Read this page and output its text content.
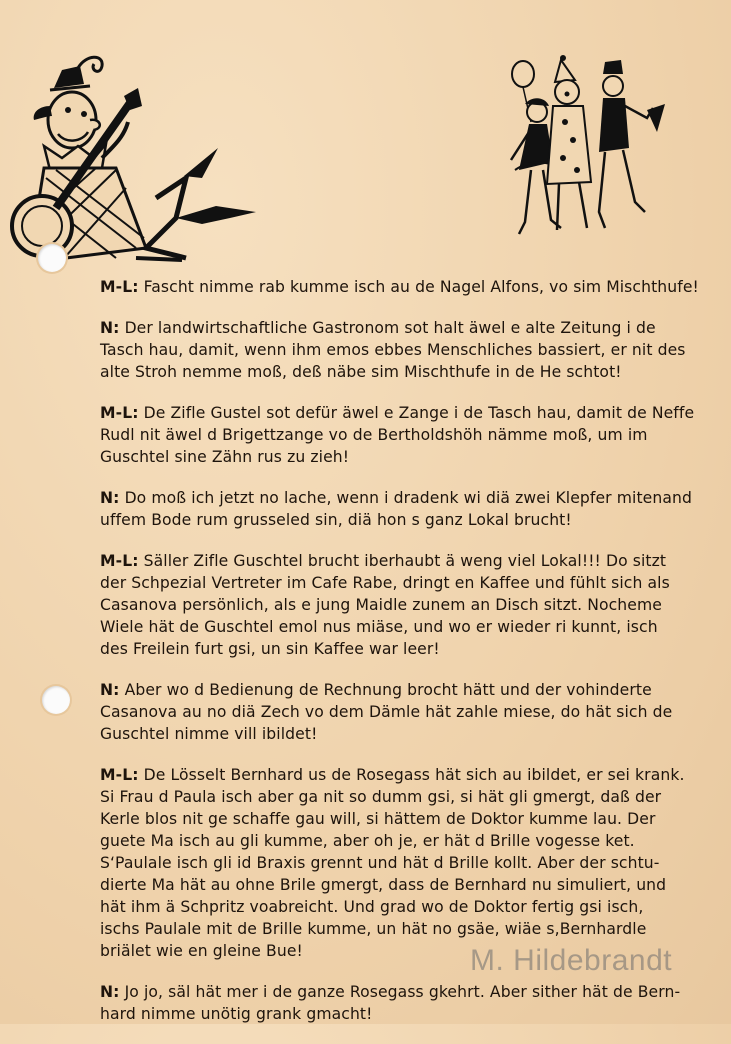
M-L: Fascht nimme rab kumme isch au de Nagel Alfons, vo sim Mischthufe!

N: Der landwirtschaftliche Gastronom sot halt äwel e alte Zeitung i de
Tasch hau, damit, wenn ihm emos ebbes Menschliches bassiert, er nit des
alte Stroh nemme moß, deß näbe sim Mischthufe in de He schtot!

M-L: De Zifle Gustel sot defür äwel e Zange i de Tasch hau, damit de Neffe
Rudl nit äwel d Brigettzange vo de Bertholdshöh nämme moß, um im
Guschtel sine Zähn rus zu zieh!

N: Do moß ich jetzt no lache, wenn i dradenk wi diä zwei Klepfer mitenand
uffem Bode rum grusseled sin, diä hon s ganz Lokal brucht!

M-L: Säller Zifle Guschtel brucht iberhaubt ä weng viel Lokal!!! Do sitzt
der Schpezial Vertreter im Cafe Rabe, dringt en Kaffee und fühlt sich als
Casanova persönlich, als e jung Maidle zunem an Disch sitzt. Nocheme
Wiele hät de Guschtel emol nus miäse, und wo er wieder ri kunnt, isch
des Freilein furt gsi, un sin Kaffee war leer!

N: Aber wo d Bedienung de Rechnung brocht hätt und der vohinderte
Casanova au no diä Zech vo dem Dämle hät zahle miese, do hät sich de
Guschtel nimme vill ibildet!

M-L: De Lösselt Bernhard us de Rosegass hät sich au ibildet, er sei krank.
Si Frau d Paula isch aber ga nit so dumm gsi, si hät gli gmergt, daß der
Kerle blos nit ge schaffe gau will, si hättem de Doktor kumme lau. Der
guete Ma isch au gli kumme, aber oh je, er hät d Brille vogesse ket.
S‘Paulale isch gli id Braxis grennt und hät d Brille kollt. Aber der schtu-
dierte Ma hät au ohne Brile gmergt, dass de Bernhard nu simuliert, und
hät ihm ä Schpritz voabreicht. Und grad wo de Doktor fertig gsi isch,
ischs Paulale mit de Brille kumme, un hät no gsäe, wiäe s,Bernhardle
briälet wie en gleine Bue!

N: Jo jo, säl hät mer i de ganze Rosegass gkehrt. Aber sither hät de Bern-
hard nimme unötig grank gmacht!

M. Hildebrandt
